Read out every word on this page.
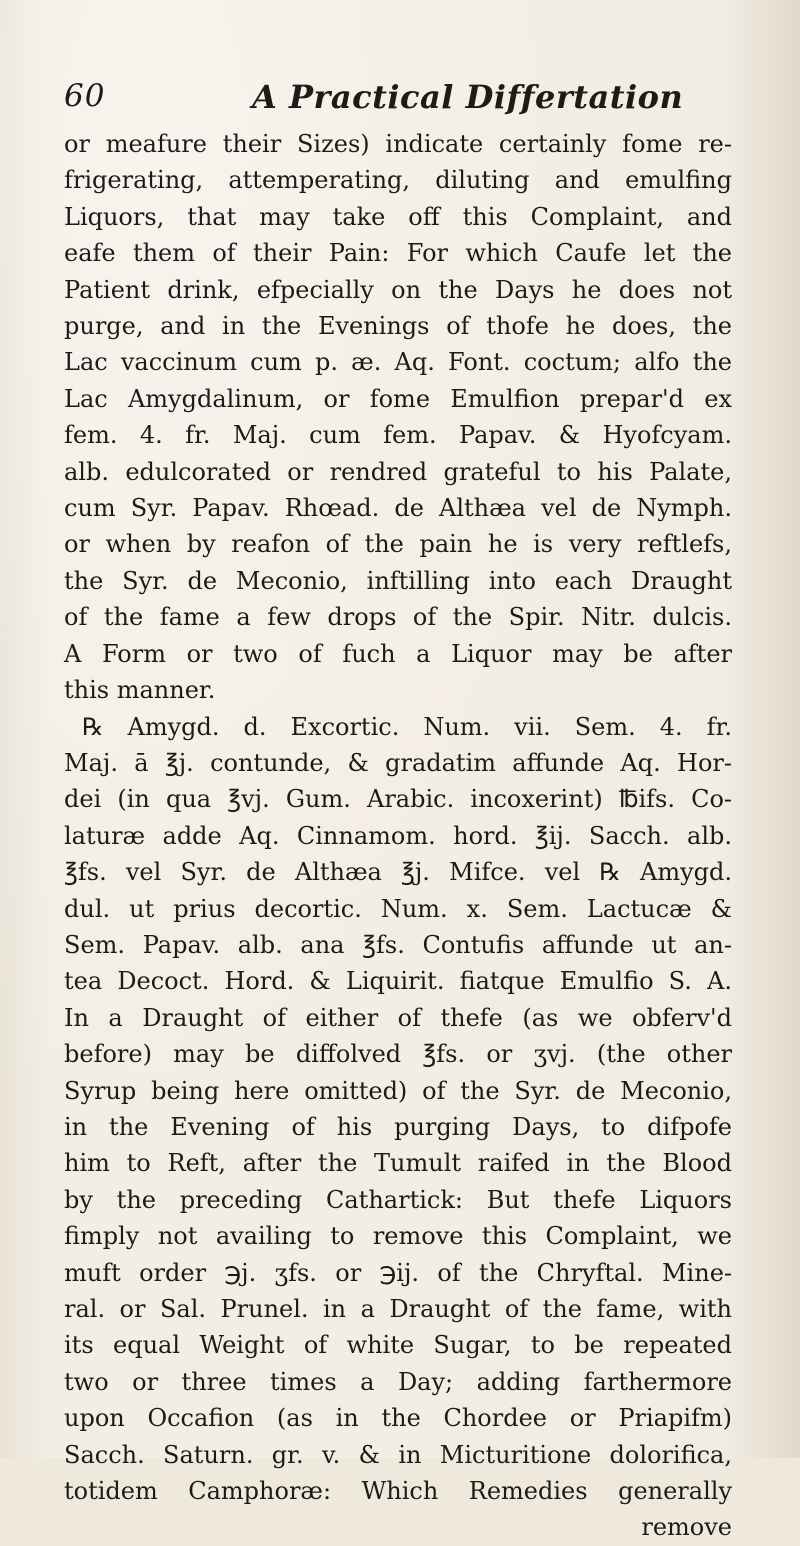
60	A Practical Differtation
or meafure their Sizes) indicate certainly fome re-
frigerating, attemperating, diluting and emulfing
Liquors, that may take off this Complaint, and
eafe them of their Pain: For which Caufe let the
Patient drink, efpecially on the Days he does not
purge, and in the Evenings of thofe he does, the
Lac vaccinum cum p. æ. Aq. Font. coctum; alfo the
Lac Amygdalinum, or fome Emulfion prepar'd ex
fem. 4. fr. Maj. cum fem. Papav. & Hyofcyam.
alb. edulcorated or rendred grateful to his Palate,
cum Syr. Papav. Rhœad. de Althæa vel de Nymph.
or when by reafon of the pain he is very reftlefs,
the Syr. de Meconio, inftilling into each Draught
of the fame a few drops of the Spir. Nitr. dulcis.
A Form or two of fuch a Liquor may be after
this manner.
℞ Amygd. d. Excortic. Num. vii. Sem. 4. fr.
Maj. ā ℥j. contunde, & gradatim affunde Aq. Hor-
dei (in qua ℥vj. Gum. Arabic. incoxerint) ℔ifs. Co-
laturæ adde Aq. Cinnamom. hord. ℥ij. Sacch. alb.
℥fs. vel Syr. de Althæa ℥j. Mifce. vel ℞ Amygd.
dul. ut prius decortic. Num. x. Sem. Lactucæ &
Sem. Papav. alb. ana ℥fs. Contufis affunde ut an-
tea Decoct. Hord. & Liquirit. fiatque Emulfio S. A.
In a Draught of either of thefe (as we obferv'd
before) may be diffolved ℥fs. or ʒvj. (the other
Syrup being here omitted) of the Syr. de Meconio,
in the Evening of his purging Days, to difpofe
him to Reft, after the Tumult raifed in the Blood
by the preceding Cathartick: But thefe Liquors
fimply not availing to remove this Complaint, we
muft order ℈j. ʒfs. or ℈ij. of the Chryftal. Mine-
ral. or Sal. Prunel. in a Draught of the fame, with
its equal Weight of white Sugar, to be repeated
two or three times a Day; adding farthermore
upon Occafion (as in the Chordee or Priapifm)
Sacch. Saturn. gr. v. & in Micturitione dolorifica,
totidem Camphoræ: Which Remedies generally
remove
